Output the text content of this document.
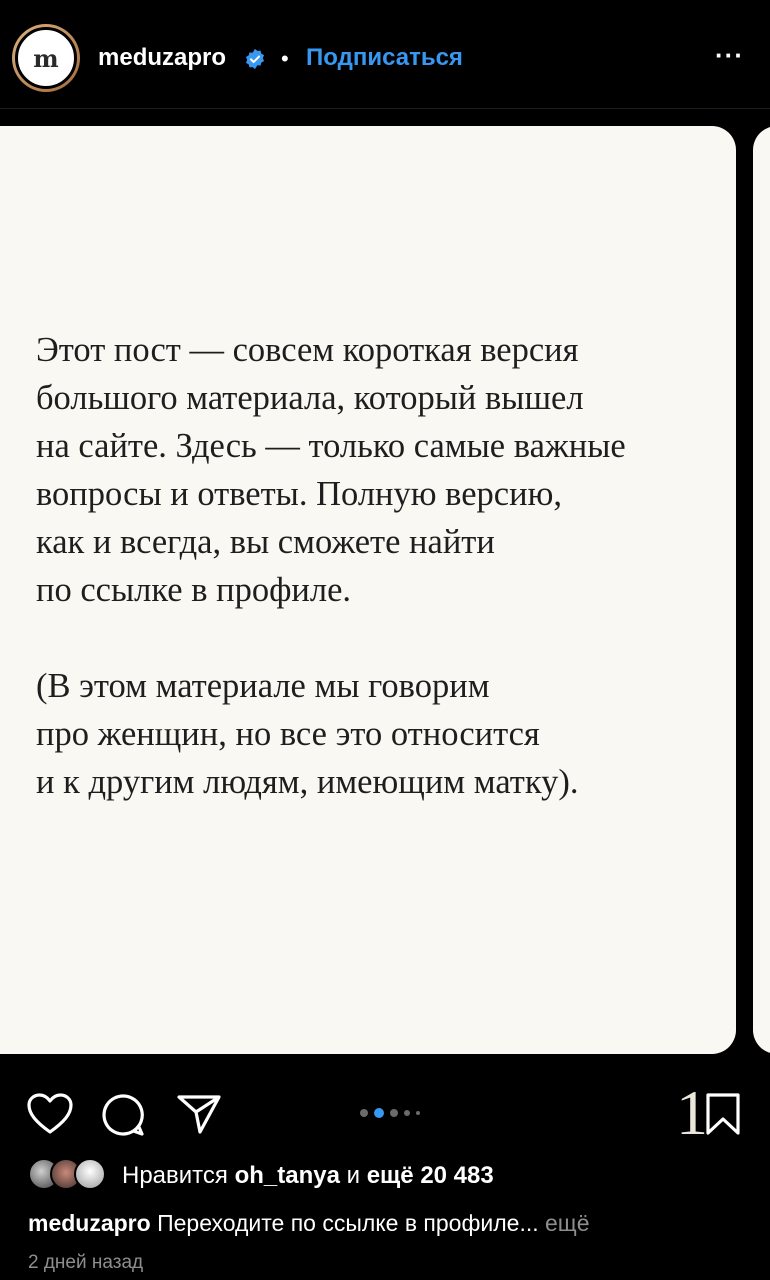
m	meduzapro • Подписаться	···
Этот пост — совсем короткая версия
большого материала, который вышел
на сайте. Здесь — только самые важные
вопросы и ответы. Полную версию,
как и всегда, вы сможете найти
по ссылке в профиле.
(В этом материале мы говорим
про женщин, но все это относится
и к другим людям, имеющим матку).
1
Нравится oh_tanya и ещё 20 483
meduzapro Переходите по ссылке в профиле... ещё
2 дней назад
